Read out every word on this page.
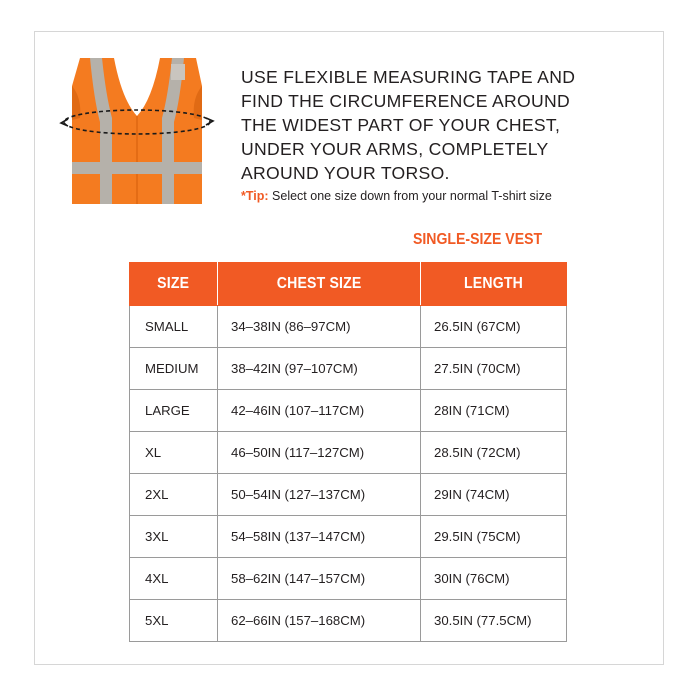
USE FLEXIBLE MEASURING TAPE AND
FIND THE CIRCUMFERENCE AROUND
THE WIDEST PART OF YOUR CHEST,
UNDER YOUR ARMS, COMPLETELY
AROUND YOUR TORSO.

*Tip: Select one size down from your normal T-shirt size

SINGLE-SIZE VEST
SIZE	CHEST SIZE	LENGTH
SMALL	34–38IN (86–97CM)	26.5IN (67CM)
MEDIUM	38–42IN (97–107CM)	27.5IN (70CM)
LARGE	42–46IN (107–117CM)	28IN (71CM)
XL	46–50IN (117–127CM)	28.5IN (72CM)
2XL	50–54IN (127–137CM)	29IN (74CM)
3XL	54–58IN (137–147CM)	29.5IN (75CM)
4XL	58–62IN (147–157CM)	30IN (76CM)
5XL	62–66IN (157–168CM)	30.5IN (77.5CM)
